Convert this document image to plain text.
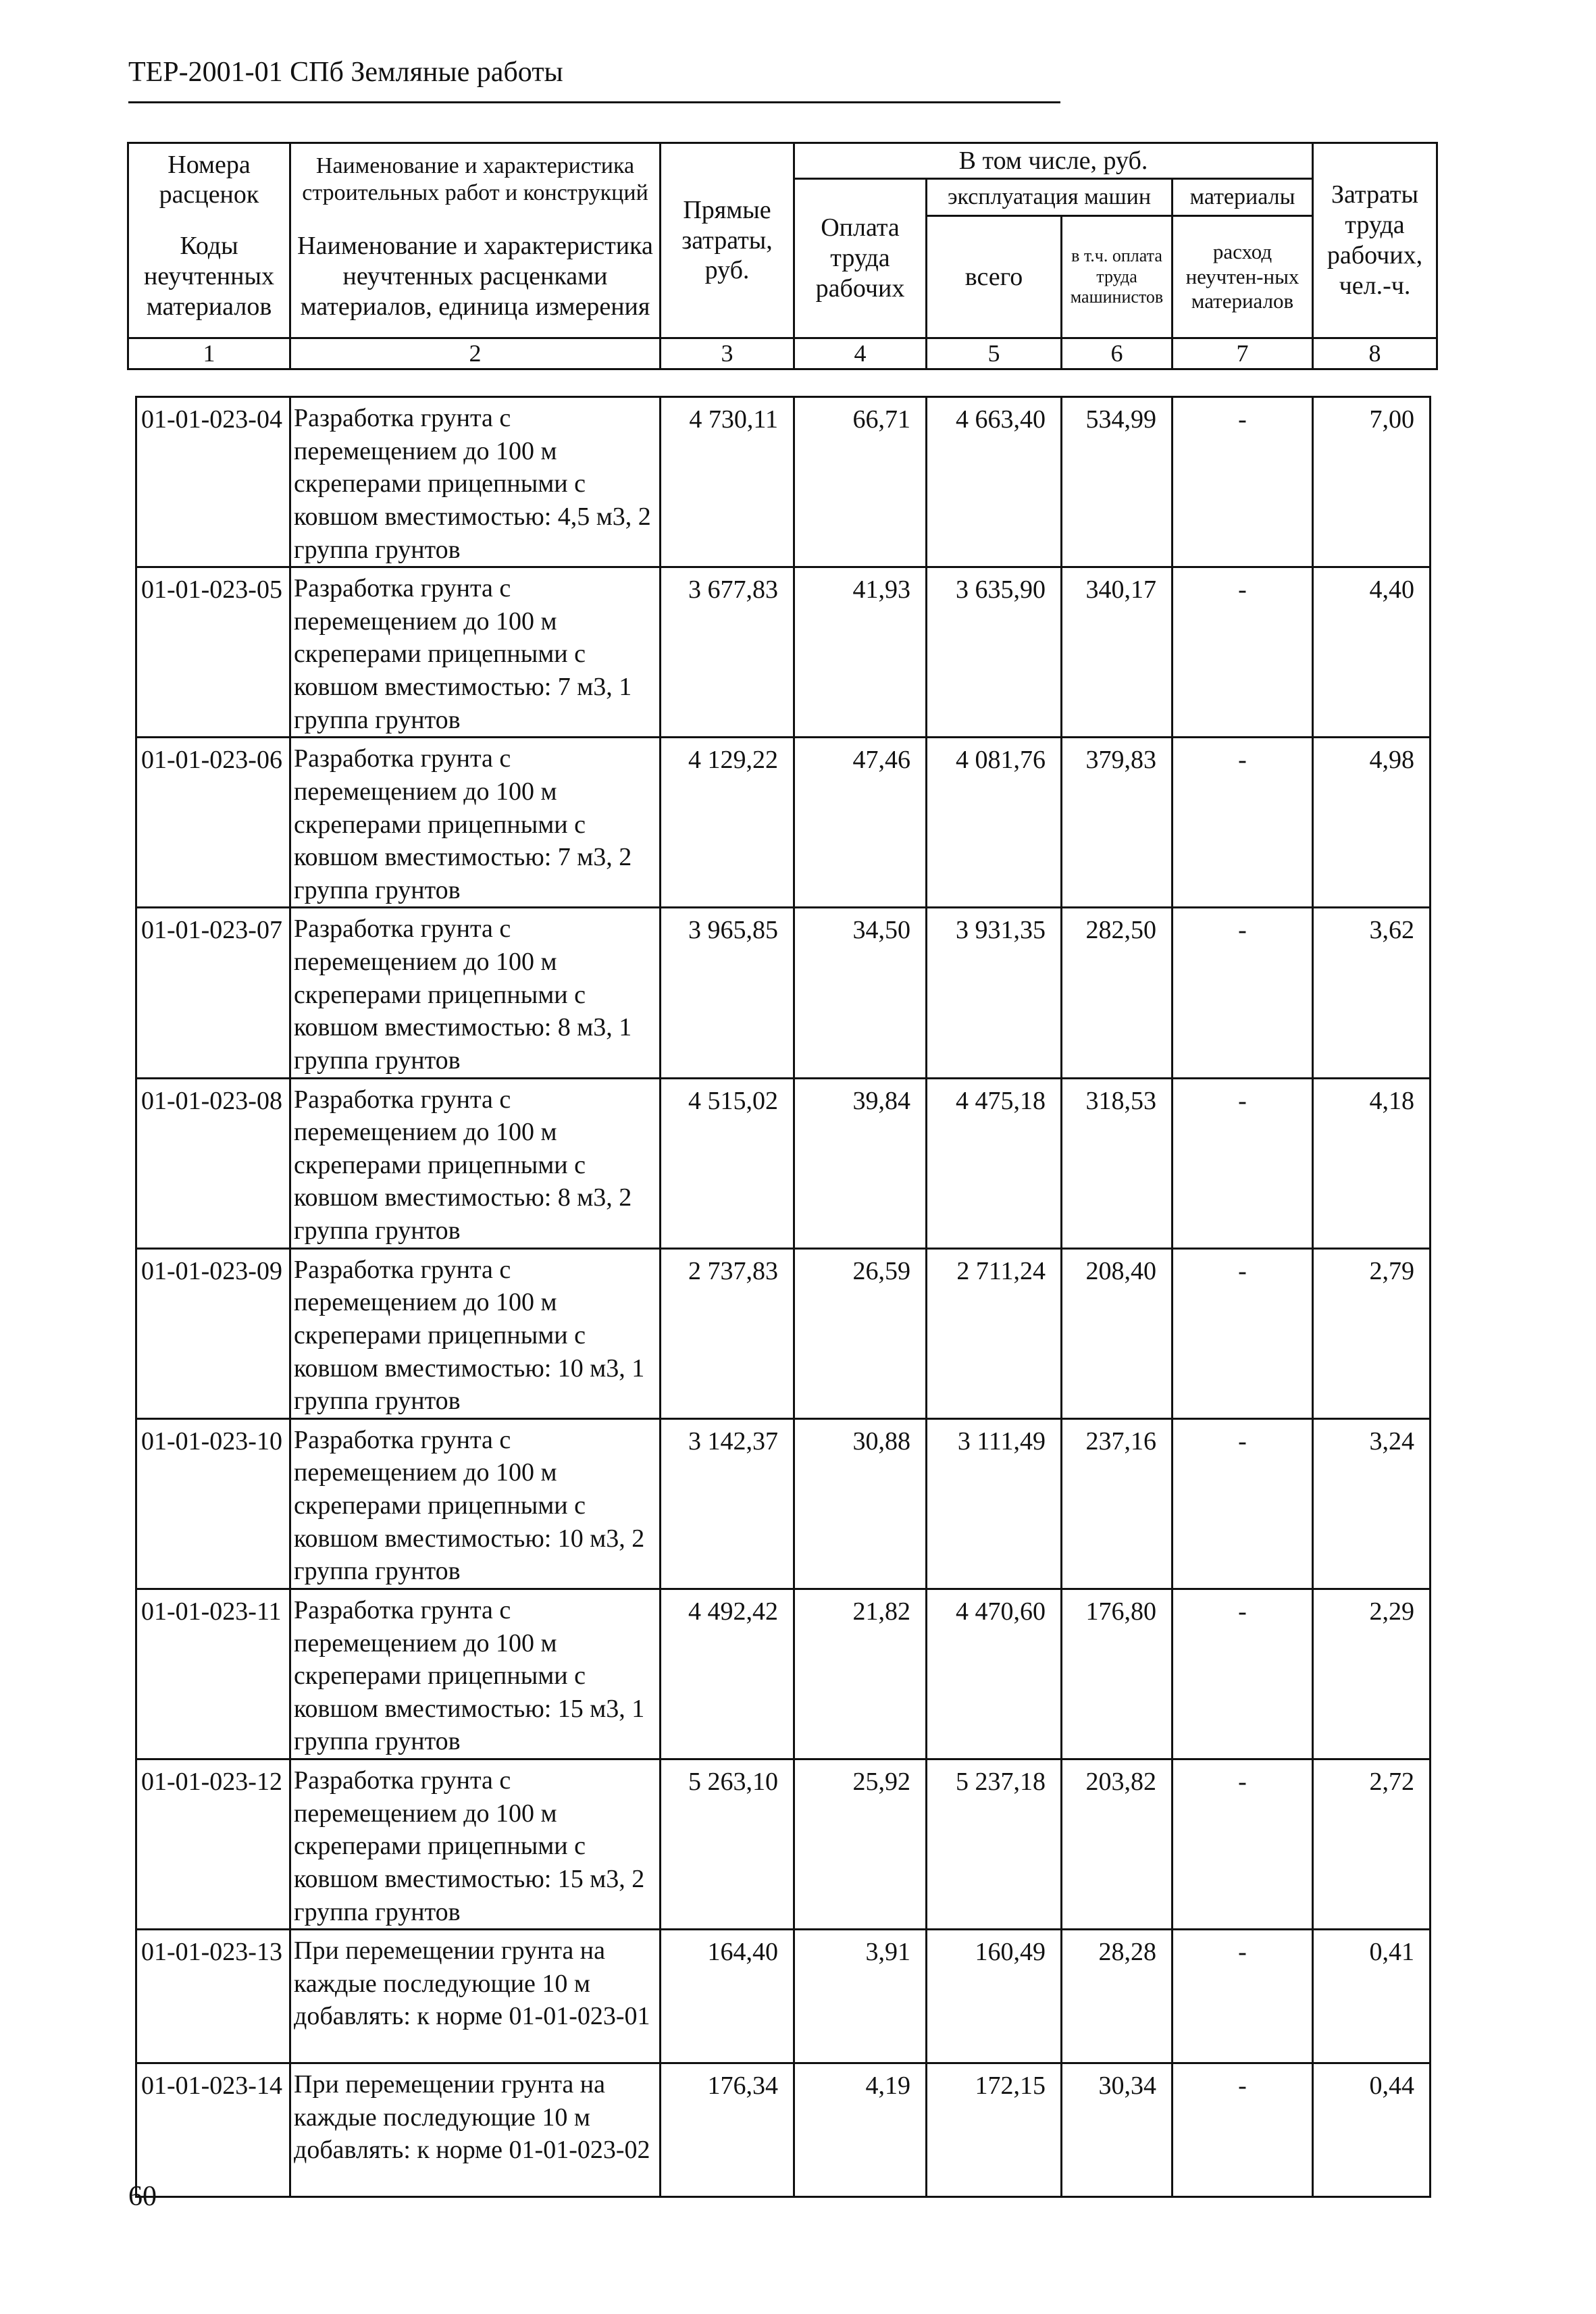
ТЕР-2001-01 СПб Земляные работы
Номера расценок	Наименование и характеристика строительных работ и конструкций	Прямые затраты, руб.	В том числе, руб.				Затраты труда рабочих, чел.-ч.
			Оплата труда рабочих	эксплуатация машин		материалы	
Коды неучтенных материалов	Наименование и характеристика неучтенных расценками материалов, единица измерения			всего	в т.ч. оплата труда машинистов	расход неучтен-ных материалов	

1	2	3	4	5	6	7	8
01-01-023-04	Разработка грунта с перемещением до 100 м скреперами прицепными с ковшом вместимостью: 4,5 м3, 2 группа грунтов	4 730,11	66,71	4 663,40	534,99	-	7,00
01-01-023-05	Разработка грунта с перемещением до 100 м скреперами прицепными с ковшом вместимостью: 7 м3, 1 группа грунтов	3 677,83	41,93	3 635,90	340,17	-	4,40
01-01-023-06	Разработка грунта с перемещением до 100 м скреперами прицепными с ковшом вместимостью: 7 м3, 2 группа грунтов	4 129,22	47,46	4 081,76	379,83	-	4,98
01-01-023-07	Разработка грунта с перемещением до 100 м скреперами прицепными с ковшом вместимостью: 8 м3, 1 группа грунтов	3 965,85	34,50	3 931,35	282,50	-	3,62
01-01-023-08	Разработка грунта с перемещением до 100 м скреперами прицепными с ковшом вместимостью: 8 м3, 2 группа грунтов	4 515,02	39,84	4 475,18	318,53	-	4,18
01-01-023-09	Разработка грунта с перемещением до 100 м скреперами прицепными с ковшом вместимостью: 10 м3, 1 группа грунтов	2 737,83	26,59	2 711,24	208,40	-	2,79
01-01-023-10	Разработка грунта с перемещением до 100 м скреперами прицепными с ковшом вместимостью: 10 м3, 2 группа грунтов	3 142,37	30,88	3 111,49	237,16	-	3,24
01-01-023-11	Разработка грунта с перемещением до 100 м скреперами прицепными с ковшом вместимостью: 15 м3, 1 группа грунтов	4 492,42	21,82	4 470,60	176,80	-	2,29
01-01-023-12	Разработка грунта с перемещением до 100 м скреперами прицепными с ковшом вместимостью: 15 м3, 2 группа грунтов	5 263,10	25,92	5 237,18	203,82	-	2,72
01-01-023-13	При перемещении грунта на каждые последующие 10 м добавлять: к норме 01-01-023-01	164,40	3,91	160,49	28,28	-	0,41
01-01-023-14	При перемещении грунта на каждые последующие 10 м добавлять: к норме 01-01-023-02	176,34	4,19	172,15	30,34	-	0,44
60
